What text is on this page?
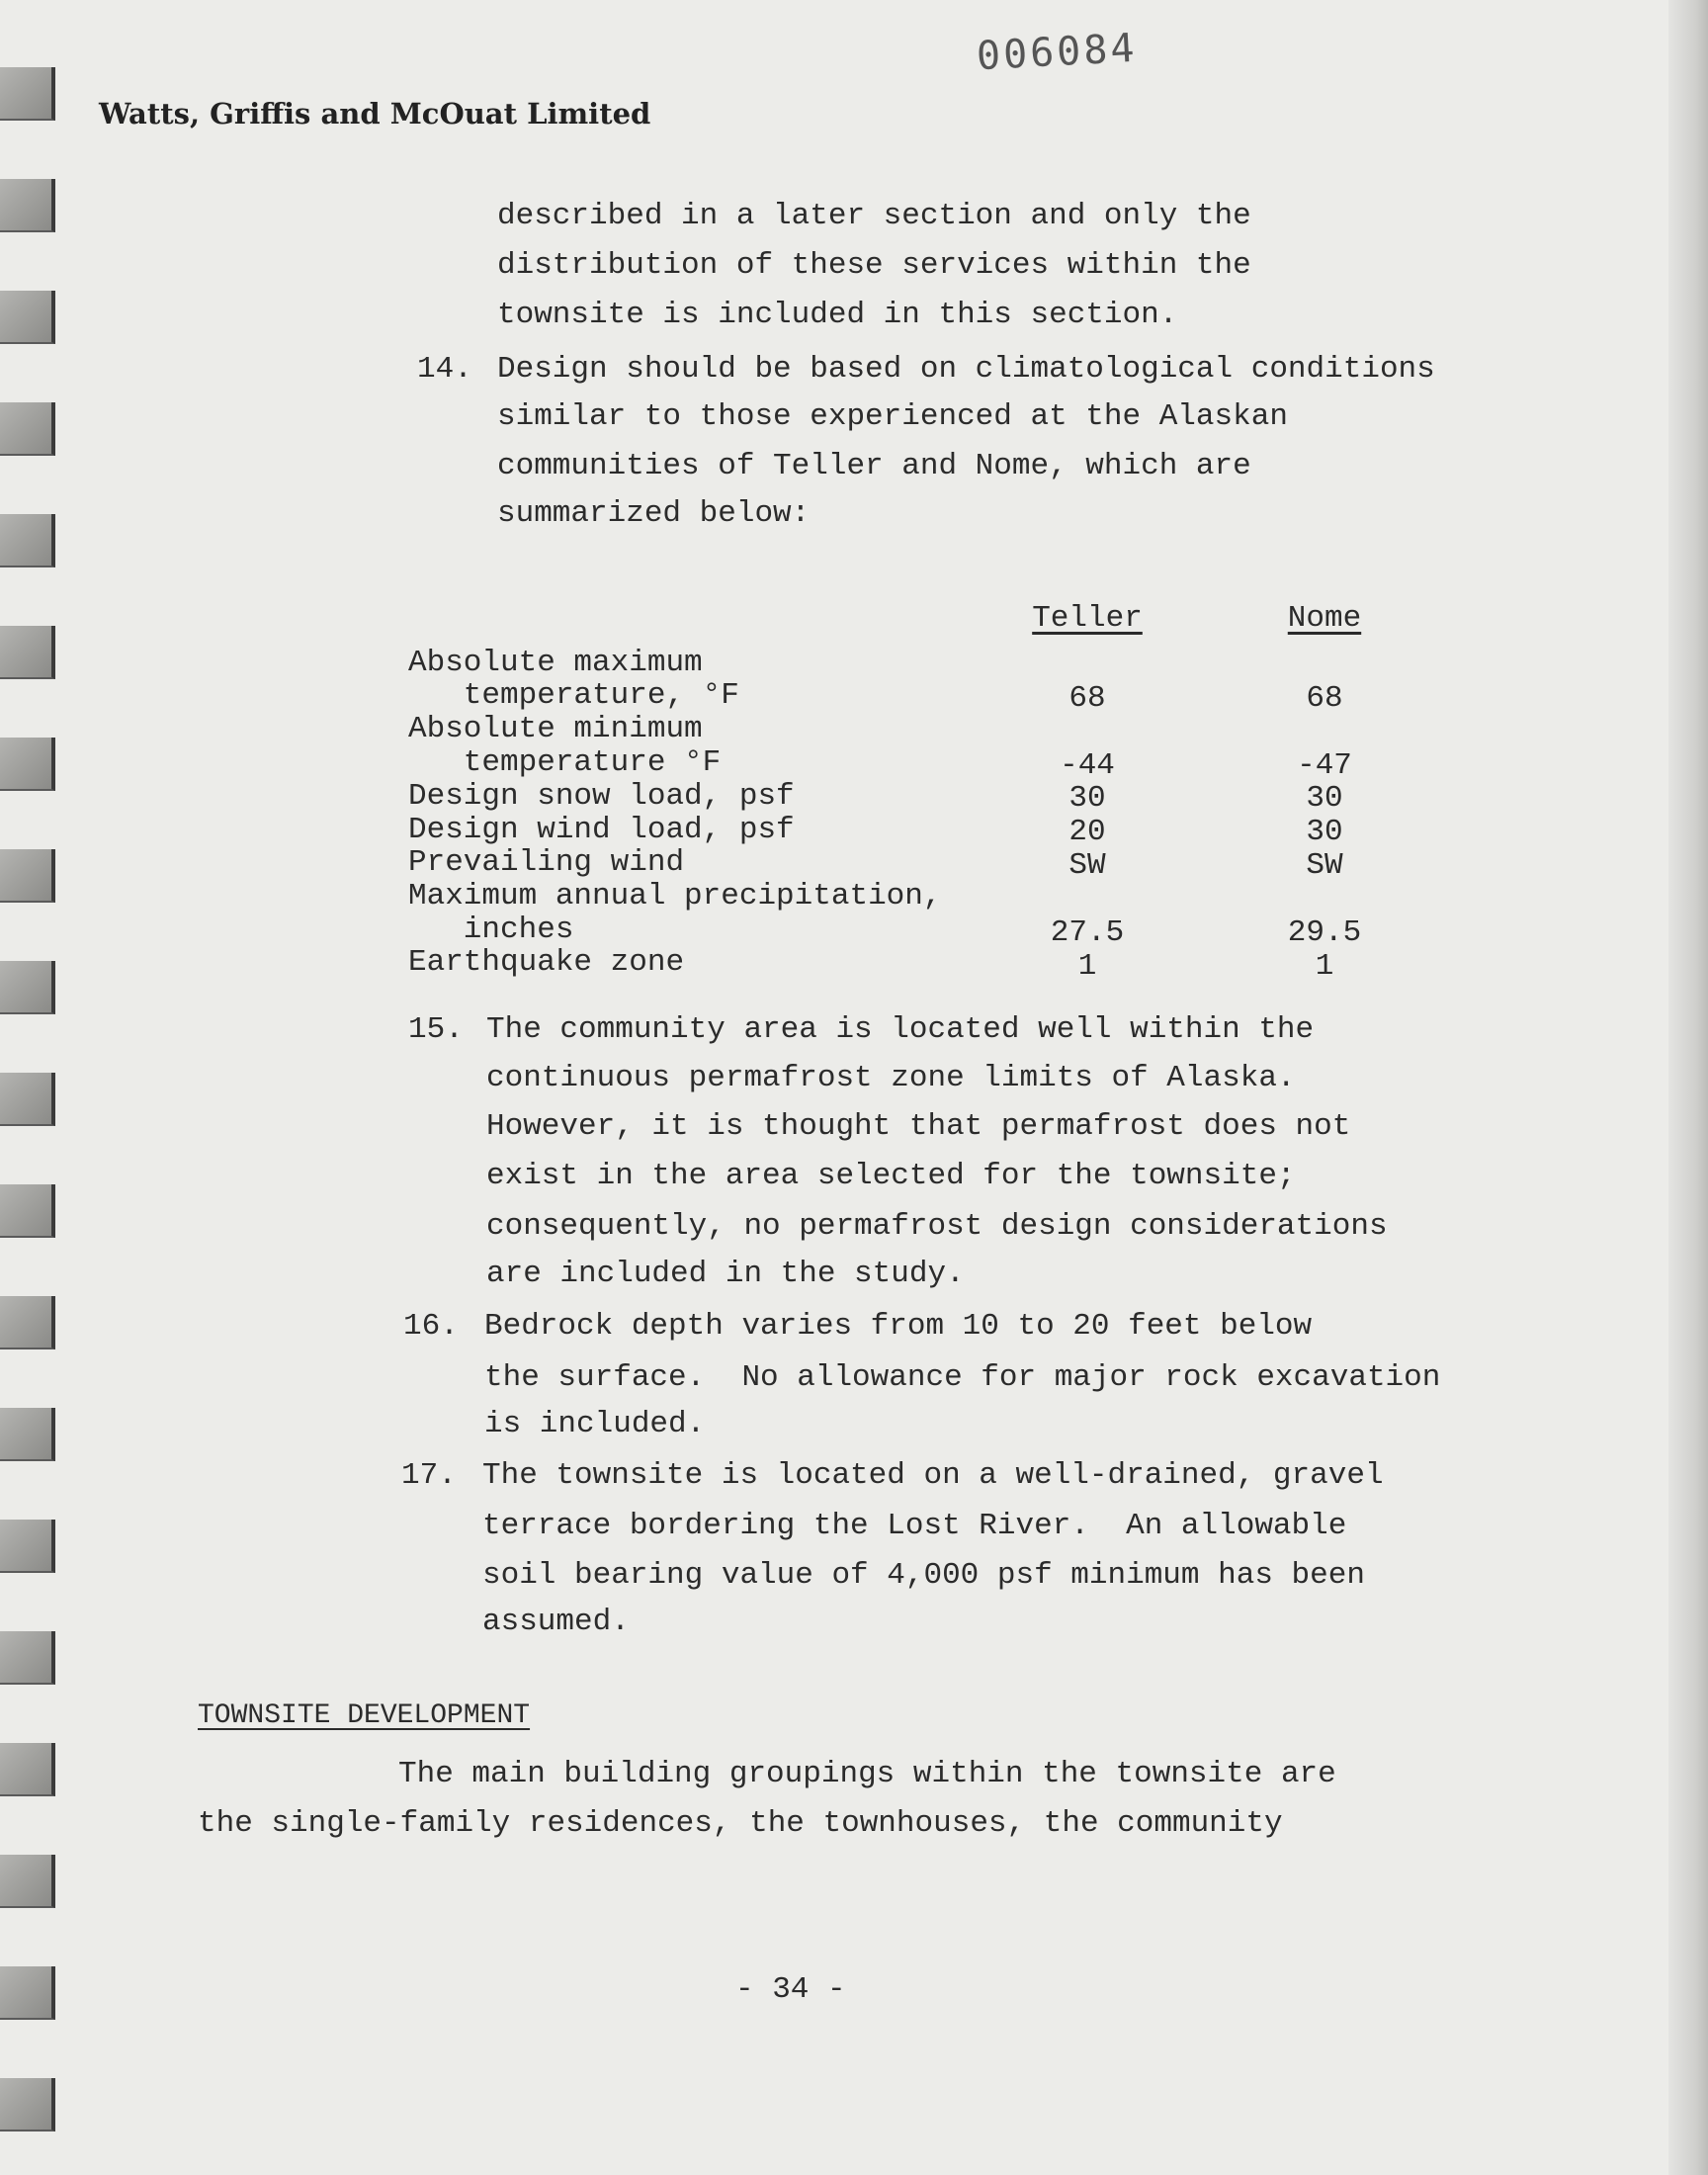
006084
Watts, Griffis and McOuat Limited
described in a later section and only the
distribution of these services within the
townsite is included in this section.
14. Design should be based on climatological conditions
similar to those experienced at the Alaskan
communities of Teller and Nome, which are
summarized below:
Teller	Nome
Absolute maximum
temperature, °F	68	68
Absolute minimum
temperature °F	-44	-47
Design snow load, psf	30	30
Design wind load, psf	20	30
Prevailing wind	SW	SW
Maximum annual precipitation,
inches	27.5	29.5
Earthquake zone	1	1
15. The community area is located well within the
continuous permafrost zone limits of Alaska.
However, it is thought that permafrost does not
exist in the area selected for the townsite;
consequently, no permafrost design considerations
are included in the study.
16. Bedrock depth varies from 10 to 20 feet below
the surface.  No allowance for major rock excavation
is included.
17. The townsite is located on a well-drained, gravel
terrace bordering the Lost River.  An allowable
soil bearing value of 4,000 psf minimum has been
assumed.
TOWNSITE DEVELOPMENT
The main building groupings within the townsite are
the single-family residences, the townhouses, the community
- 34 -
